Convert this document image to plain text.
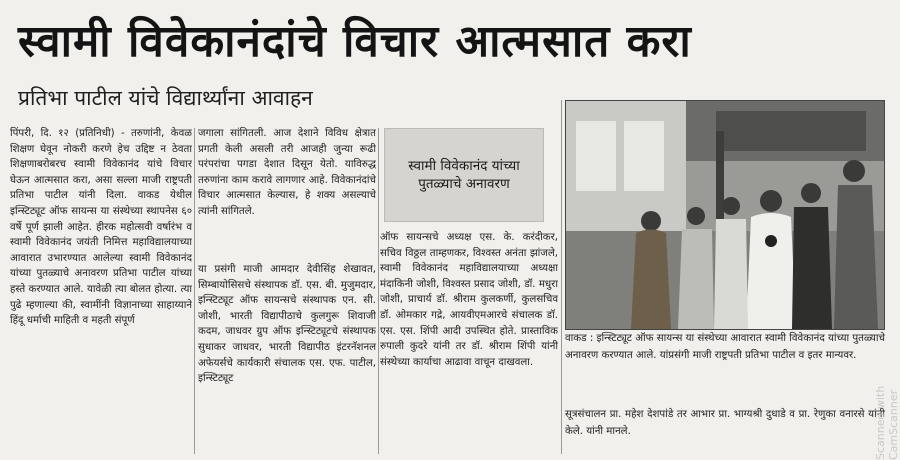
स्वामी विवेकानंदांचे विचार आत्मसात करा
प्रतिभा पाटील यांचे विद्यार्थ्यांना आवाहन

पिंपरी, दि. १२ (प्रतिनिधी) - तरुणांनी, केवळ शिक्षण घेवून नोकरी करणे हेच उद्दिष्ट न ठेवता शिक्षणाबरोबरच स्वामी विवेकानंद यांचे विचार घेऊन आत्मसात करा, असा सल्ला माजी राष्ट्रपती प्रतिभा पाटील यांनी दिला. वाकड येथील इन्स्टिट्यूट ऑफ सायन्स या संस्थेच्या स्थापनेस ६० वर्षे पूर्ण झाली आहेत. हीरक महोत्सवी वर्षारंभ व स्वामी विवेकानंद जयंती निमित्त महाविद्यालयाच्या आवारात उभारण्यात आलेल्या स्वामी विवेकानंद यांच्या पुतळ्याचे अनावरण प्रतिभा पाटील यांच्या हस्ते करण्यात आले. यावेळी त्या बोलत होत्या. त्या पुढे म्हणाल्या की, स्वामींनी विज्ञानाच्या साहाय्याने हिंदू धर्माची माहिती व महती संपूर्ण

जगाला सांगितली. आज देशाने विविध क्षेत्रात प्रगती केली असली तरी आजही जुन्या रूढी परंपरांचा पगडा देशात दिसून येतो. याविरुद्ध तरुणांना काम करावे लागणार आहे. विवेकानंदांचे विचार आत्मसात केल्यास, हे शक्य असल्याचे त्यांनी सांगितले.

या प्रसंगी माजी आमदार देवीसिंह शेखावत, सिम्बायोसिसचे संस्थापक डॉ. एस. बी. मुजुमदार, इन्स्टिट्यूट ऑफ सायन्सचे संस्थापक एन. सी. जोशी, भारती विद्यापीठाचे कुलगुरू शिवाजी कदम, जाधवर ग्रुप ऑफ इन्स्टिट्यूटचे संस्थापक सुधाकर जाधवर, भारती विद्यापीठ इंटरनॅशनल अफेयर्सचे कार्यकारी संचालक एस. एफ. पाटील, इन्स्टिट्यूट

स्वामी विवेकानंद यांच्या पुतळ्याचे अनावरण

ऑफ सायन्सचे अध्यक्ष एस. के. करंदीकर, सचिव विठ्ठल ताम्हणकर, विश्वस्त अनंता झांजले, स्वामी विवेकानंद महाविद्यालयाच्या अध्यक्षा मंदाकिनी जोशी, विश्वस्त प्रसाद जोशी, डॉ. मधुरा जोशी, प्राचार्य डॉ. श्रीराम कुलकर्णी, कुलसचिव डॉ. ओमकार गद्रे, आयवीएमआरचे संचालक डॉ. एस. एस. शिंपी आदी उपस्थित होते. प्रास्ताविक रुपाली कुदरे यांनी तर डॉ. श्रीराम शिंपी यांनी संस्थेच्या कार्याचा आढावा वाचून दाखवला.

वाकड : इन्स्टिट्यूट ऑफ सायन्स या संस्थेच्या आवारात स्वामी विवेकानंद यांच्या पुतळ्याचे अनावरण करण्यात आले. यांप्रसंगी माजी राष्ट्रपती प्रतिभा पाटील व इतर मान्यवर.
सूत्रसंचालन प्रा. महेश देशपांडे तर आभार प्रा. भाग्यश्री दुधाडे व प्रा. रेणुका वनारसे यांनी केले. यांनी मानले.	Scanned with CamScanner
